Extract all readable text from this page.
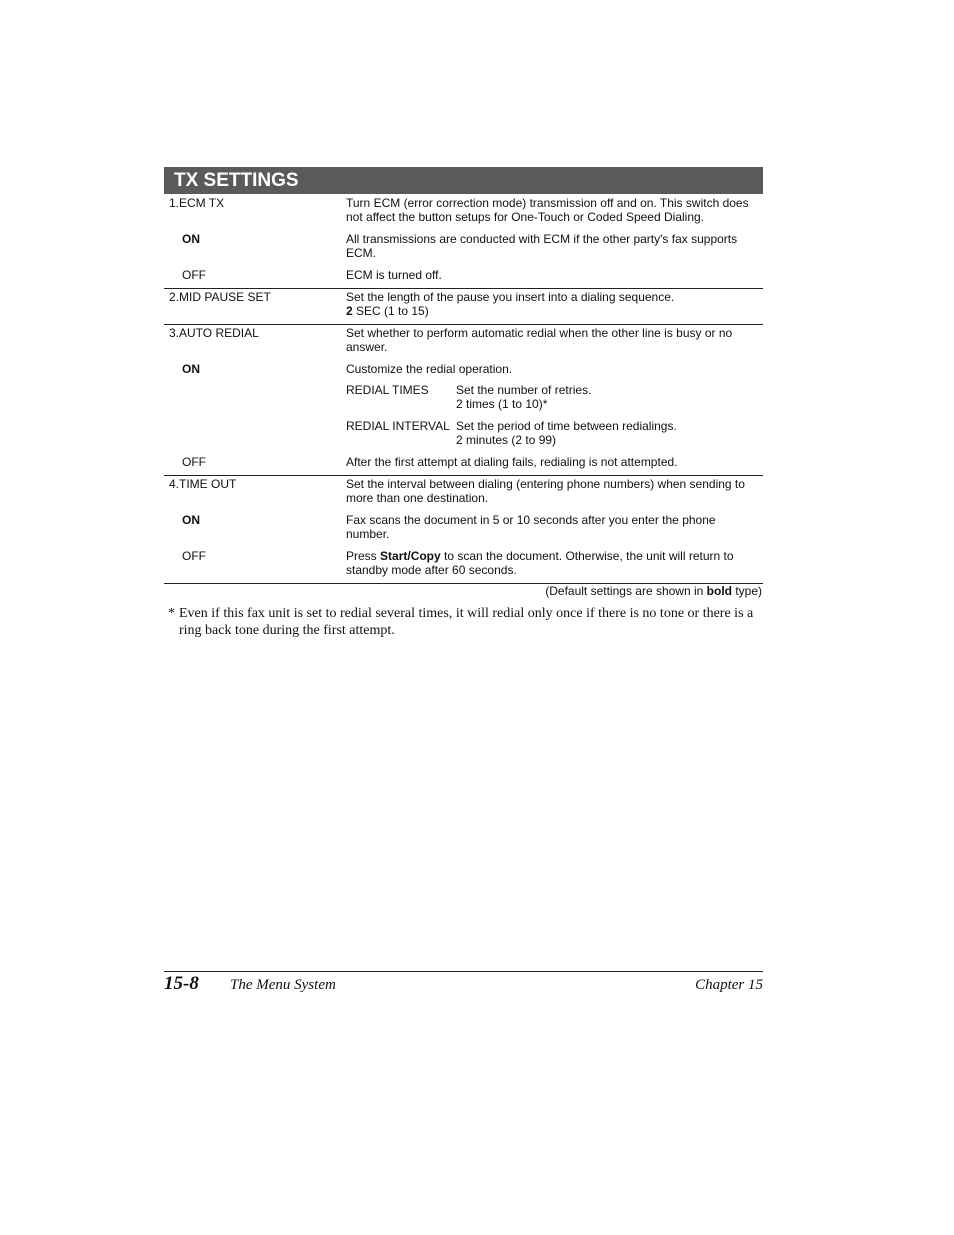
TX SETTINGS
1.ECM TX	Turn ECM (error correction mode) transmission off and on. This switch does
not affect the button setups for One-Touch or Coded Speed Dialing.
ON	All transmissions are conducted with ECM if the other party's fax supports
ECM.
OFF	ECM is turned off.
2.MID PAUSE SET	Set the length of the pause you insert into a dialing sequence.
2 SEC (1 to 15)
3.AUTO REDIAL	Set whether to perform automatic redial when the other line is busy or no
answer.
ON	Customize the redial operation.
REDIAL TIMES Set the number of retries.
2 times (1 to 10)*
REDIAL INTERVAL Set the period of time between redialings.
2 minutes (2 to 99)
OFF	After the first attempt at dialing fails, redialing is not attempted.
4.TIME OUT	Set the interval between dialing (entering phone numbers) when sending to
more than one destination.
ON	Fax scans the document in 5 or 10 seconds after you enter the phone
number.
OFF	Press Start/Copy to scan the document. Otherwise, the unit will return to
standby mode after 60 seconds.
(Default settings are shown in bold type)
* Even if this fax unit is set to redial several times, it will redial only once if there is no tone or there is a ring back tone during the first attempt.
15-8 The Menu System	Chapter 15
